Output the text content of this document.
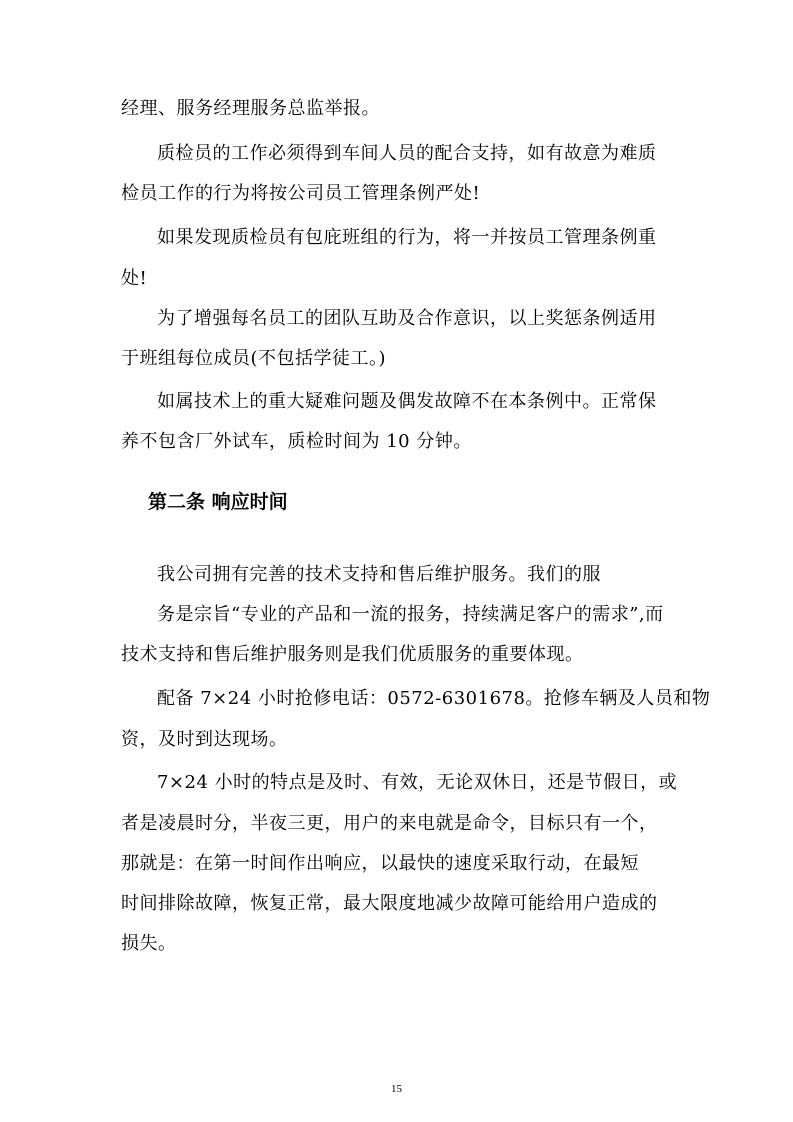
经理、服务经理服务总监举报。
质检员的工作必须得到车间人员的配合支持，如有故意为难质
检员工作的行为将按公司员工管理条例严处!
如果发现质检员有包庇班组的行为，将一并按员工管理条例重
处!
为了增强每名员工的团队互助及合作意识，以上奖惩条例适用
于班组每位成员(不包括学徒工。)
如属技术上的重大疑难问题及偶发故障不在本条例中。正常保
养不包含厂外试车，质检时间为 10 分钟。
第二条 响应时间
我公司拥有完善的技术支持和售后维护服务。我们的服
务是宗旨“专业的产品和一流的报务，持续满足客户的需求”,而
技术支持和售后维护服务则是我们优质服务的重要体现。
配备 7×24 小时抢修电话：0572-6301678。抢修车辆及人员和物
资，及时到达现场。
7×24 小时的特点是及时、有效，无论双休日，还是节假日，或
者是凌晨时分，半夜三更，用户的来电就是命令，目标只有一个，
那就是：在第一时间作出响应，以最快的速度采取行动，在最短
时间排除故障，恢复正常，最大限度地减少故障可能给用户造成的
损失。
15
